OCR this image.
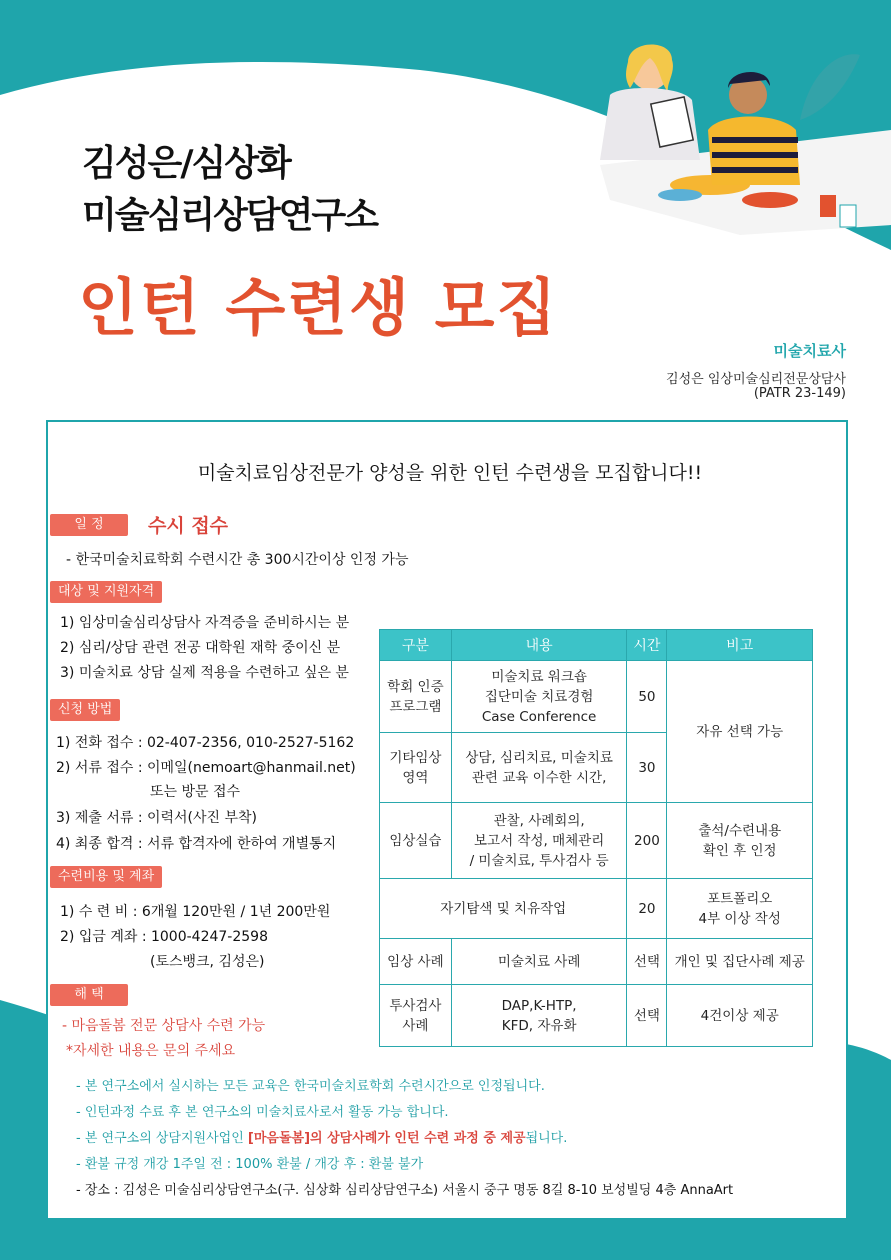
김성은/심상화
미술심리상담연구소
인턴 수련생 모집
미술치료사
김성은 임상미술심리전문상담사
(PATR 23-149)
미술치료임상전문가 양성을 위한 인턴 수련생을 모집합니다!!
일 정	수시 접수
- 한국미술치료학회 수련시간 총 300시간이상 인정 가능
대상 및 지원자격
1) 임상미술심리상담사 자격증을 준비하시는 분
2) 심리/상담 관련 전공 대학원 재학 중이신 분
3) 미술치료 상담 실제 적용을 수련하고 싶은 분
신청 방법
1) 전화 접수 : 02-407-2356, 010-2527-5162
2) 서류 접수 : 이메일(nemoart@hanmail.net)
또는 방문 접수
3) 제출 서류 : 이력서(사진 부착)
4) 최종 합격 : 서류 합격자에 한하여 개별통지
수련비용 및 계좌
1) 수 련 비 : 6개월 120만원 / 1년 200만원
2) 입금 계좌 : 1000-4247-2598
(토스뱅크, 김성은)
해 택
- 마음돌봄 전문 상담사 수련 가능
*자세한 내용은 문의 주세요
구분	내용	시간	비고
학회 인증
프로그램	미술치료 워크숍
집단미술 치료경험
Case Conference	50	자유 선택 가능
기타임상
영역	상담, 심리치료, 미술치료
관련 교육 이수한 시간,	30	
임상실습	관찰, 사례회의,
보고서 작성, 매체관리
/ 미술치료, 투사검사 등	200	출석/수련내용
확인 후 인정
자기탐색 및 치유작업		20	포트폴리오
4부 이상 작성
임상 사례	미술치료 사례	선택	개인 및 집단사례 제공
투사검사
사례	DAP,K-HTP,
KFD, 자유화	선택	4건이상 제공
- 본 연구소에서 실시하는 모든 교육은 한국미술치료학회 수련시간으로 인정됩니다.
- 인턴과정 수료 후 본 연구소의 미술치료사로서 활동 가능 합니다.
- 본 연구소의 상담지원사업인 [마음돌봄]의 상담사례가 인턴 수련 과정 중 제공됩니다.
- 환불 규정 개강 1주일 전 : 100% 환불 / 개강 후 : 환불 불가
- 장소 : 김성은 미술심리상담연구소(구. 심상화 심리상담연구소) 서울시 중구 명동 8길 8-10 보성빌딩 4층 AnnaArt
